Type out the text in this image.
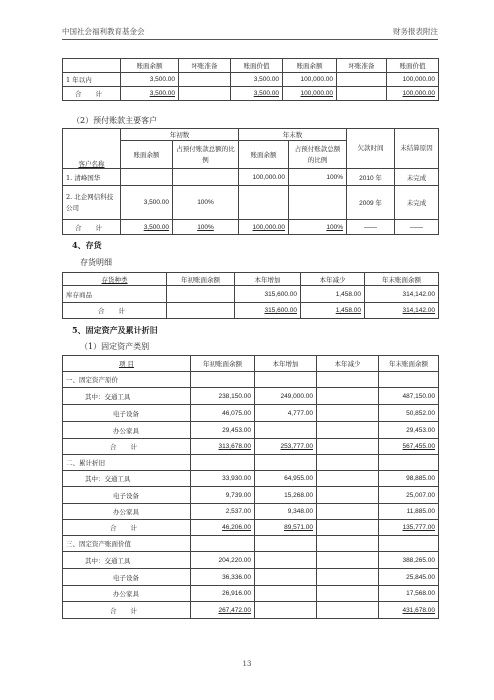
中国社会福利教育基金会	财务报表附注
	账面余额	坏账准备	账面价值	账面余额	坏账准备	账面价值
1 年以内	3,500.00		3,500.00	100,000.00		100,000.00
合 计	3,500.00		3,500.00	100,000.00		100,000.00
（2）预付账款主要客户
客户名称	年初数		年末数		欠款时间	未结算原因
	账面余额	占预付账款总额的比例	账面余额	占预付账款总额的比例		
1. 清峰国华			100,000.00	100%	2010 年	未完成
2. 北企网信科技公司	3,500.00	100%			2009 年	未完成
合 计	3,500.00	100%	100,000.00	100%	——	——
4、存货
存货明细
存货种类	年初账面余额	本年增加	本年减少	年末账面余额
库存商品		315,600.00	1,458.00	314,142.00
合 计		315,600.00	1,458.00	314,142.00
5、固定资产及累计折旧
（1）固定资产类别
项 目	年初账面余额	本年增加	本年减少	年末账面余额
一、固定资产原价				
其中：交通工具	238,150.00	249,000.00		487,150.00
电子设备	46,075.00	4,777.00		50,852.00
办公家具	29,453.00			29,453.00
合 计	313,678.00	253,777.00		567,455.00
二、累计折旧				
其中：交通工具	33,930.00	64,955.00		98,885.00
电子设备	9,739.00	15,268.00		25,007.00
办公家具	2,537.00	9,348.00		11,885.00
合 计	46,206.00	89,571.00		135,777.00
三、固定资产账面价值				
其中：交通工具	204,220.00			388,265.00
电子设备	36,336.00			25,845.00
办公家具	26,916.00			17,568.00
合 计	267,472.00			431,678.00
13
